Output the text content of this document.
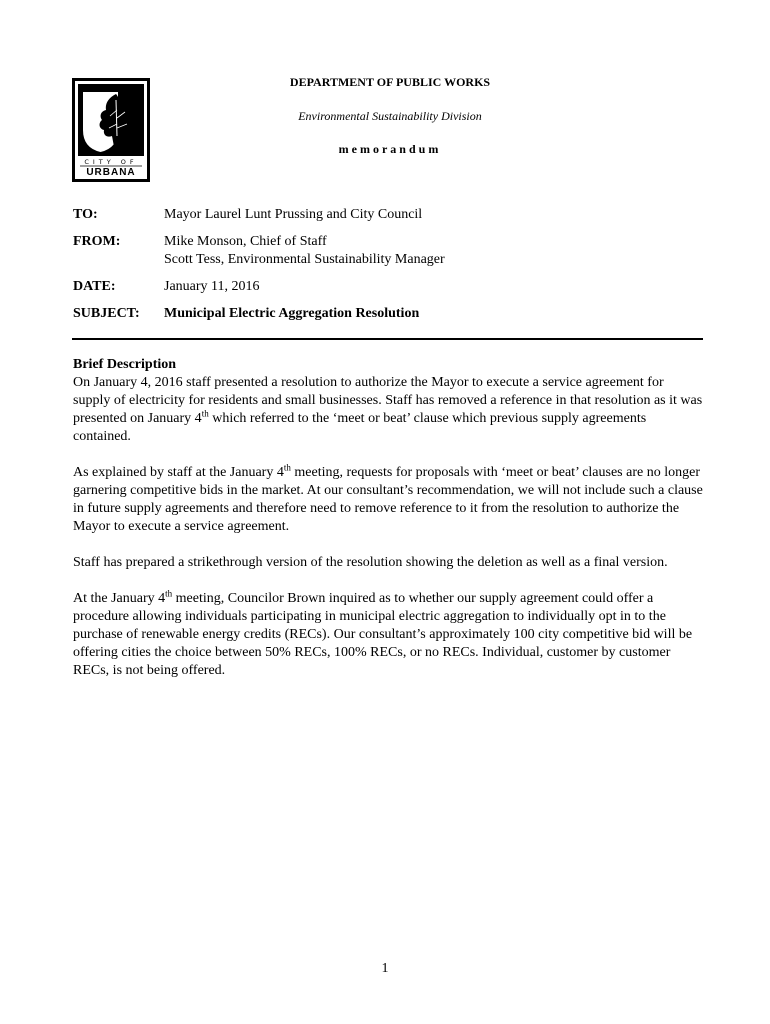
CITY OF
URBANA
DEPARTMENT OF PUBLIC WORKS
Environmental Sustainability Division
memorandum
TO:	Mayor Laurel Lunt Prussing and City Council
FROM:	Mike Monson, Chief of Staff
Scott Tess, Environmental Sustainability Manager
DATE:	January 11, 2016
SUBJECT: Municipal Electric Aggregation Resolution

Brief Description
On January 4, 2016 staff presented a resolution to authorize the Mayor to execute a service agreement for supply of electricity for residents and small businesses. Staff has removed a reference in that resolution as it was presented on January 4th which referred to the ‘meet or beat’ clause which previous supply agreements contained.

As explained by staff at the January 4th meeting, requests for proposals with ‘meet or beat’ clauses are no longer garnering competitive bids in the market. At our consultant’s recommendation, we will not include such a clause in future supply agreements and therefore need to remove reference to it from the resolution to authorize the Mayor to execute a service agreement.

Staff has prepared a strikethrough version of the resolution showing the deletion as well as a final version.

At the January 4th meeting, Councilor Brown inquired as to whether our supply agreement could offer a procedure allowing individuals participating in municipal electric aggregation to individually opt in to the purchase of renewable energy credits (RECs). Our consultant’s approximately 100 city competitive bid will be offering cities the choice between 50% RECs, 100% RECs, or no RECs. Individual, customer by customer RECs, is not being offered.

1
